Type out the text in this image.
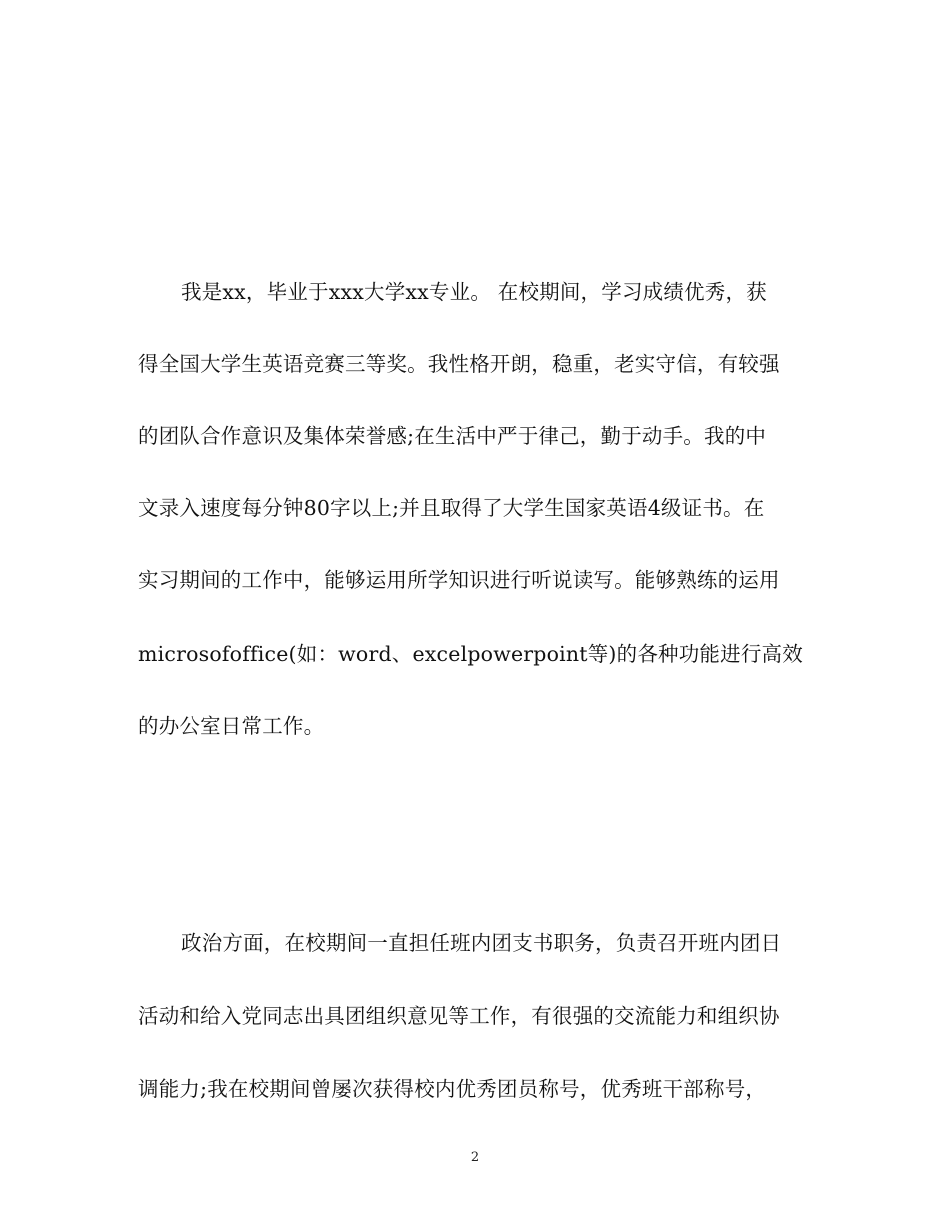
我是xx，毕业于xxx大学xx专业。 在校期间，学习成绩优秀，获
得全国大学生英语竞赛三等奖。我性格开朗，稳重，老实守信，有较强
的团队合作意识及集体荣誉感;在生活中严于律己，勤于动手。我的中
文录入速度每分钟80字以上;并且取得了大学生国家英语4级证书。在
实习期间的工作中，能够运用所学知识进行听说读写。能够熟练的运用
microsofoffice(如：word、excelpowerpoint等)的各种功能进行高效
的办公室日常工作。
政治方面，在校期间一直担任班内团支书职务，负责召开班内团日
活动和给入党同志出具团组织意见等工作，有很强的交流能力和组织协
调能力;我在校期间曾屡次获得校内优秀团员称号，优秀班干部称号，
2
